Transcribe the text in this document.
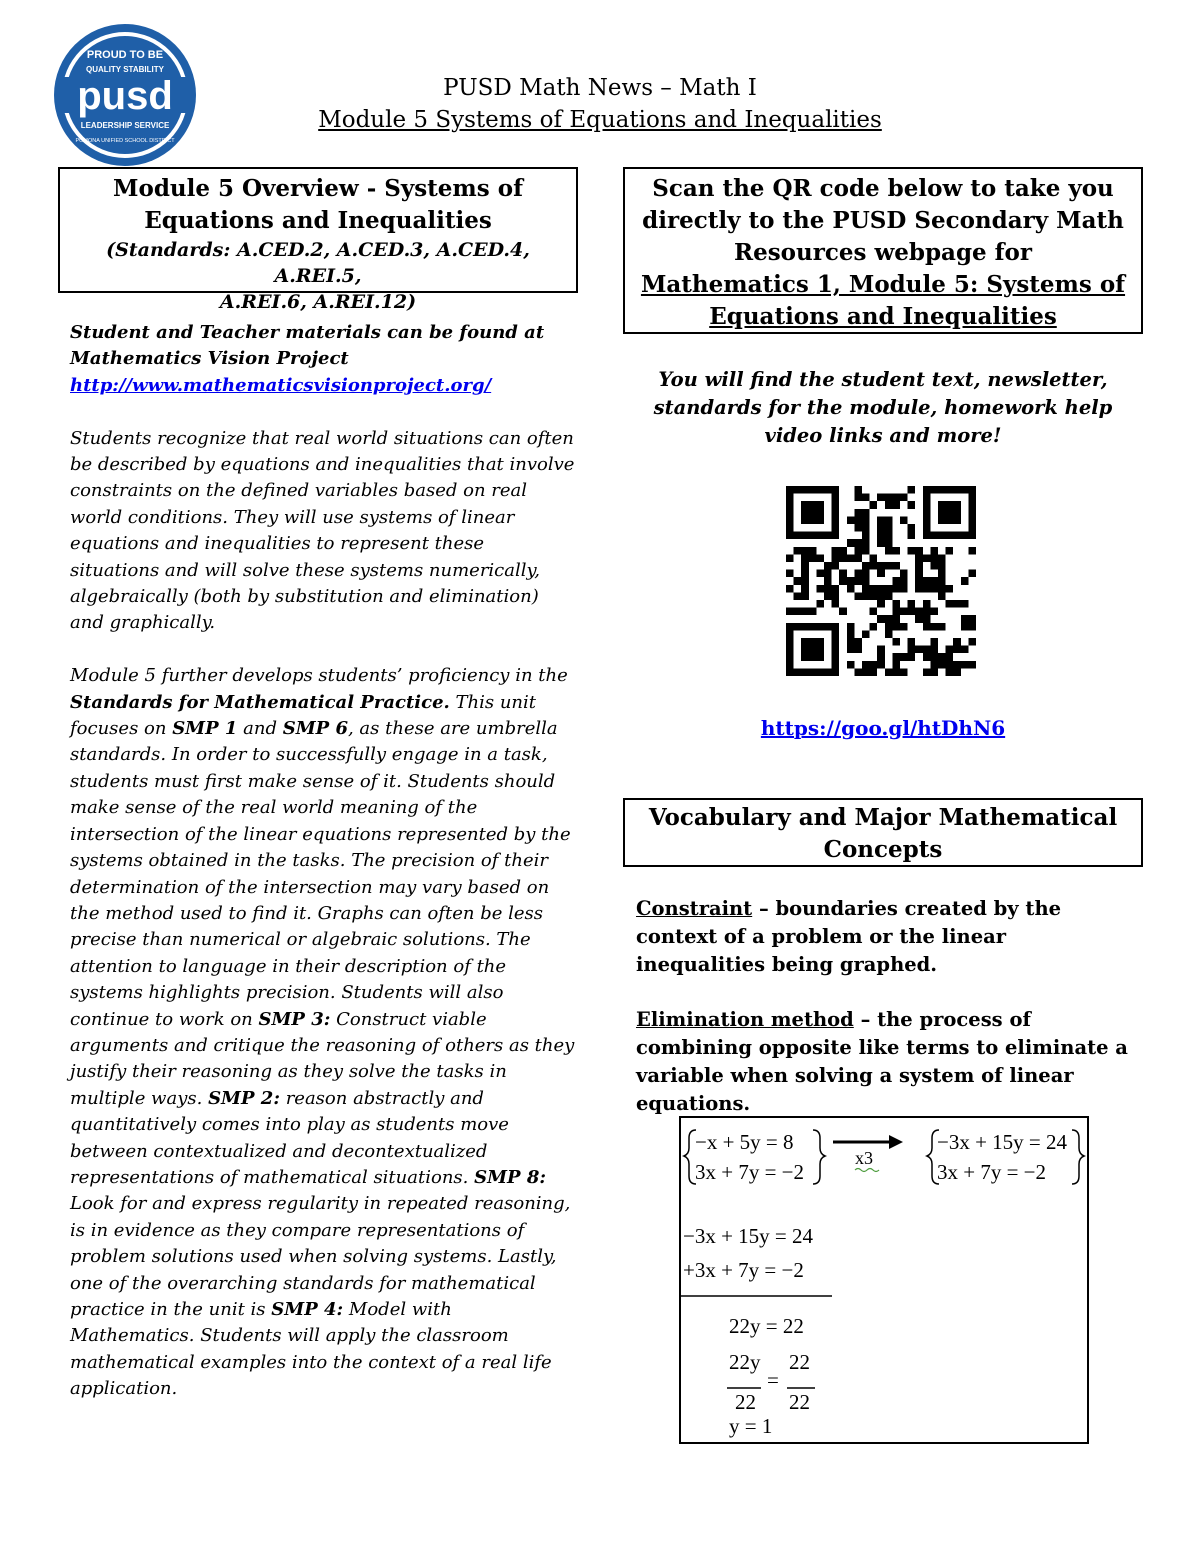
PROUD TO BE
QUALITY STABILITY
pusd
LEADERSHIP SERVICE
POMONA UNIFIED SCHOOL DISTRICT
PUSD Math News – Math I
Module 5 Systems of Equations and Inequalities
Module 5 Overview - Systems of
Equations and Inequalities
(Standards: A.CED.2, A.CED.3, A.CED.4, A.REI.5,
A.REI.6, A.REI.12)

Student and Teacher materials can be found at
Mathematics Vision Project
http://www.mathematicsvisionproject.org/

Students recognize that real world situations can often be described by equations and inequalities that involve constraints on the defined variables based on real world conditions. They will use systems of linear equations and inequalities to represent these situations and will solve these systems numerically, algebraically (both by substitution and elimination) and graphically.

Module 5 further develops students’ proficiency in the Standards for Mathematical Practice. This unit focuses on SMP 1 and SMP 6, as these are umbrella standards. In order to successfully engage in a task, students must first make sense of it. Students should make sense of the real world meaning of the intersection of the linear equations represented by the systems obtained in the tasks. The precision of their determination of the intersection may vary based on the method used to find it. Graphs can often be less precise than numerical or algebraic solutions. The attention to language in their description of the systems highlights precision. Students will also continue to work on SMP 3: Construct viable arguments and critique the reasoning of others as they justify their reasoning as they solve the tasks in multiple ways. SMP 2: reason abstractly and quantitatively comes into play as students move between contextualized and decontextualized representations of mathematical situations. SMP 8: Look for and express regularity in repeated reasoning, is in evidence as they compare representations of problem solutions used when solving systems. Lastly, one of the overarching standards for mathematical practice in the unit is SMP 4: Model with Mathematics. Students will apply the classroom mathematical examples into the context of a real life application.

Scan the QR code below to take you
directly to the PUSD Secondary Math
Resources webpage for
Mathematics 1, Module 5: Systems of
Equations and Inequalities
You will find the student text, newsletter,
standards for the module, homework help
video links and more!
https://goo.gl/htDhN6
Vocabulary and Major Mathematical
Concepts
Constraint – boundaries created by the context of a problem or the linear inequalities being graphed.
Elimination method – the process of combining opposite like terms to eliminate a variable when solving a system of linear equations.
−x + 5y = 8
3x + 7y = −2
x3
−3x + 15y = 24
3x + 7y = −2
−3x + 15y = 24
+3x + 7y = −2
22y = 22
22y
22
=
22
22
y = 1
